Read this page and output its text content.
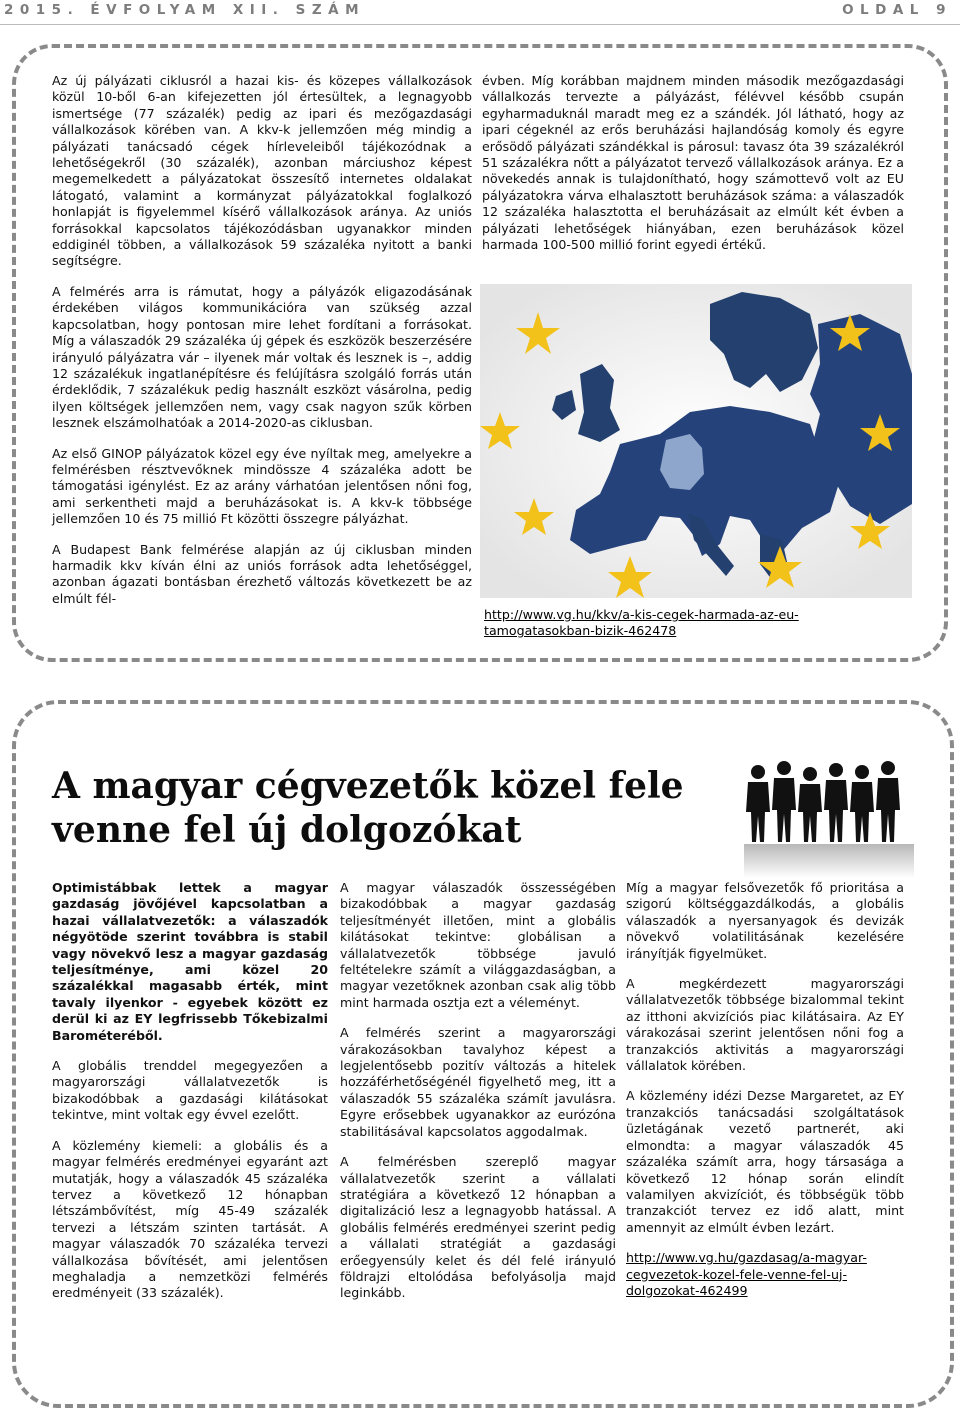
2015. ÉVFOLYAM XII. SZÁM	OLDAL 9

Az új pályázati ciklusról a hazai kis- és közepes vállalkozások közül 10-ből 6-an kifejezetten jól értesültek, a legnagyobb ismertsége (77 százalék) pedig az ipari és mezőgazdasági vállalkozások körében van. A kkv-k jellemzően még mindig a pályázati tanácsadó cégek hírleveleiből tájékozódnak a lehetőségekről (30 százalék), azonban márciushoz képest megemelkedett a pályázatokat összesítő internetes oldalakat látogató, valamint a kormányzat pályázatokkal foglalkozó honlapját is figyelemmel kísérő vállalkozások aránya. Az uniós forrásokkal kapcsolatos tájékozódásban ugyanakkor minden eddiginél többen, a vállalkozások 59 százaléka nyitott a banki segítségre.

A felmérés arra is rámutat, hogy a pályázók eligazodásának érdekében világos kommunikációra van szükség azzal kapcsolatban, hogy pontosan mire lehet fordítani a forrásokat. Míg a válaszadók 29 százaléka új gépek és eszközök beszerzésére irányuló pályázatra vár – ilyenek már voltak és lesznek is –, addig 12 százalékuk ingatlanépítésre és felújításra szolgáló forrás után érdeklődik, 7 százalékuk pedig használt eszközt vásárolna, pedig ilyen költségek jellemzően nem, vagy csak nagyon szűk körben lesznek elszámolhatóak a 2014-2020-as ciklusban.

Az első GINOP pályázatok közel egy éve nyíltak meg, amelyekre a felmérésben résztvevőknek mindössze 4 százaléka adott be támogatási igénylést. Ez az arány várhatóan jelentősen nőni fog, ami serkentheti majd a beruházásokat is. A kkv-k többsége jellemzően 10 és 75 millió Ft közötti összegre pályázhat.

A Budapest Bank felmérése alapján az új ciklusban minden harmadik kkv kíván élni az uniós források adta lehetőséggel, azonban ágazati bontásban érezhető változás következett be az elmúlt fél-

évben. Míg korábban majdnem minden második mezőgazdasági vállalkozás tervezte a pályázást, félévvel később csupán egyharmaduknál maradt meg ez a szándék. Jól látható, hogy az ipari cégeknél az erős beruházási hajlandóság komoly és egyre erősödő pályázati szándékkal is párosul: tavasz óta 39 százalékról 51 százalékra nőtt a pályázatot tervező vállalkozások aránya. Ez a növekedés annak is tulajdonítható, hogy számottevő volt az EU pályázatokra várva elhalasztott beruházások száma: a válaszadók 12 százaléka halasztotta el beruházásait az elmúlt két évben a pályázati lehetőségek hiányában, ezen beruházások közel harmada 100-500 millió forint egyedi értékű.

http://www.vg.hu/kkv/a-kis-cegek-harmada-az-eu-tamogatasokban-bizik-462478
A magyar cégvezetők közel fele venne fel új dolgozókat

Optimistábbak lettek a magyar gazdaság jövőjével kapcsolatban a hazai vállalatvezetők: a válaszadók négyötöde szerint továbbra is stabil vagy növekvő lesz a magyar gazdaság teljesítménye, ami közel 20 százalékkal magasabb érték, mint tavaly ilyenkor - egyebek között ez derül ki az EY legfrissebb Tőkebizalmi Barométeréből.

A globális trenddel megegyezően a magyarországi vállalatvezetők is bizakodóbbak a gazdasági kilátásokat tekintve, mint voltak egy évvel ezelőtt.

A közlemény kiemeli: a globális és a magyar felmérés eredményei egyaránt azt mutatják, hogy a válaszadók 45 százaléka tervez a következő 12 hónapban létszámbővítést, míg 45-49 százalék tervezi a létszám szinten tartását. A magyar válaszadók 70 százaléka tervezi vállalkozása bővítését, ami jelentősen meghaladja a nemzetközi felmérés eredményeit (33 százalék).

A magyar válaszadók összességében bizakodóbbak a magyar gazdaság teljesítményét illetően, mint a globális kilátásokat tekintve: globálisan a vállalatvezetők többsége javuló feltételekre számít a világgazdaságban, a magyar vezetőknek azonban csak alig több mint harmada osztja ezt a véleményt.

A felmérés szerint a magyarországi várakozásokban tavalyhoz képest a legjelentősebb pozitív változás a hitelek hozzáférhetőségénél figyelhető meg, itt a válaszadók 55 százaléka számít javulásra. Egyre erősebbek ugyanakkor az eurózóna stabilitásával kapcsolatos aggodalmak.

A felmérésben szereplő magyar vállalatvezetők szerint a vállalati stratégiára a következő 12 hónapban a digitalizáció lesz a legnagyobb hatással. A globális felmérés eredményei szerint pedig a vállalati stratégiát a gazdasági erőegyensúly kelet és dél felé irányuló földrajzi eltolódása befolyásolja majd leginkább.

Míg a magyar felsővezetők fő prioritása a szigorú költséggazdálkodás, a globális válaszadók a nyersanyagok és devizák növekvő volatilitásának kezelésére irányítják figyelmüket.

A megkérdezett magyarországi vállalatvezetők többsége bizalommal tekint az itthoni akvizíciós piac kilátásaira. Az EY várakozásai szerint jelentősen nőni fog a tranzakciós aktivitás a magyarországi vállalatok körében.

A közlemény idézi Dezse Margaretet, az EY tranzakciós tanácsadási szolgáltatások üzletágának vezető partnerét, aki elmondta: a magyar válaszadók 45 százaléka számít arra, hogy társasága a következő 12 hónap során elindít valamilyen akvizíciót, és többségük több tranzakciót tervez ez idő alatt, mint amennyit az elmúlt évben lezárt.

http://www.vg.hu/gazdasag/a-magyar-cegvezetok-kozel-fele-venne-fel-uj-dolgozokat-462499
